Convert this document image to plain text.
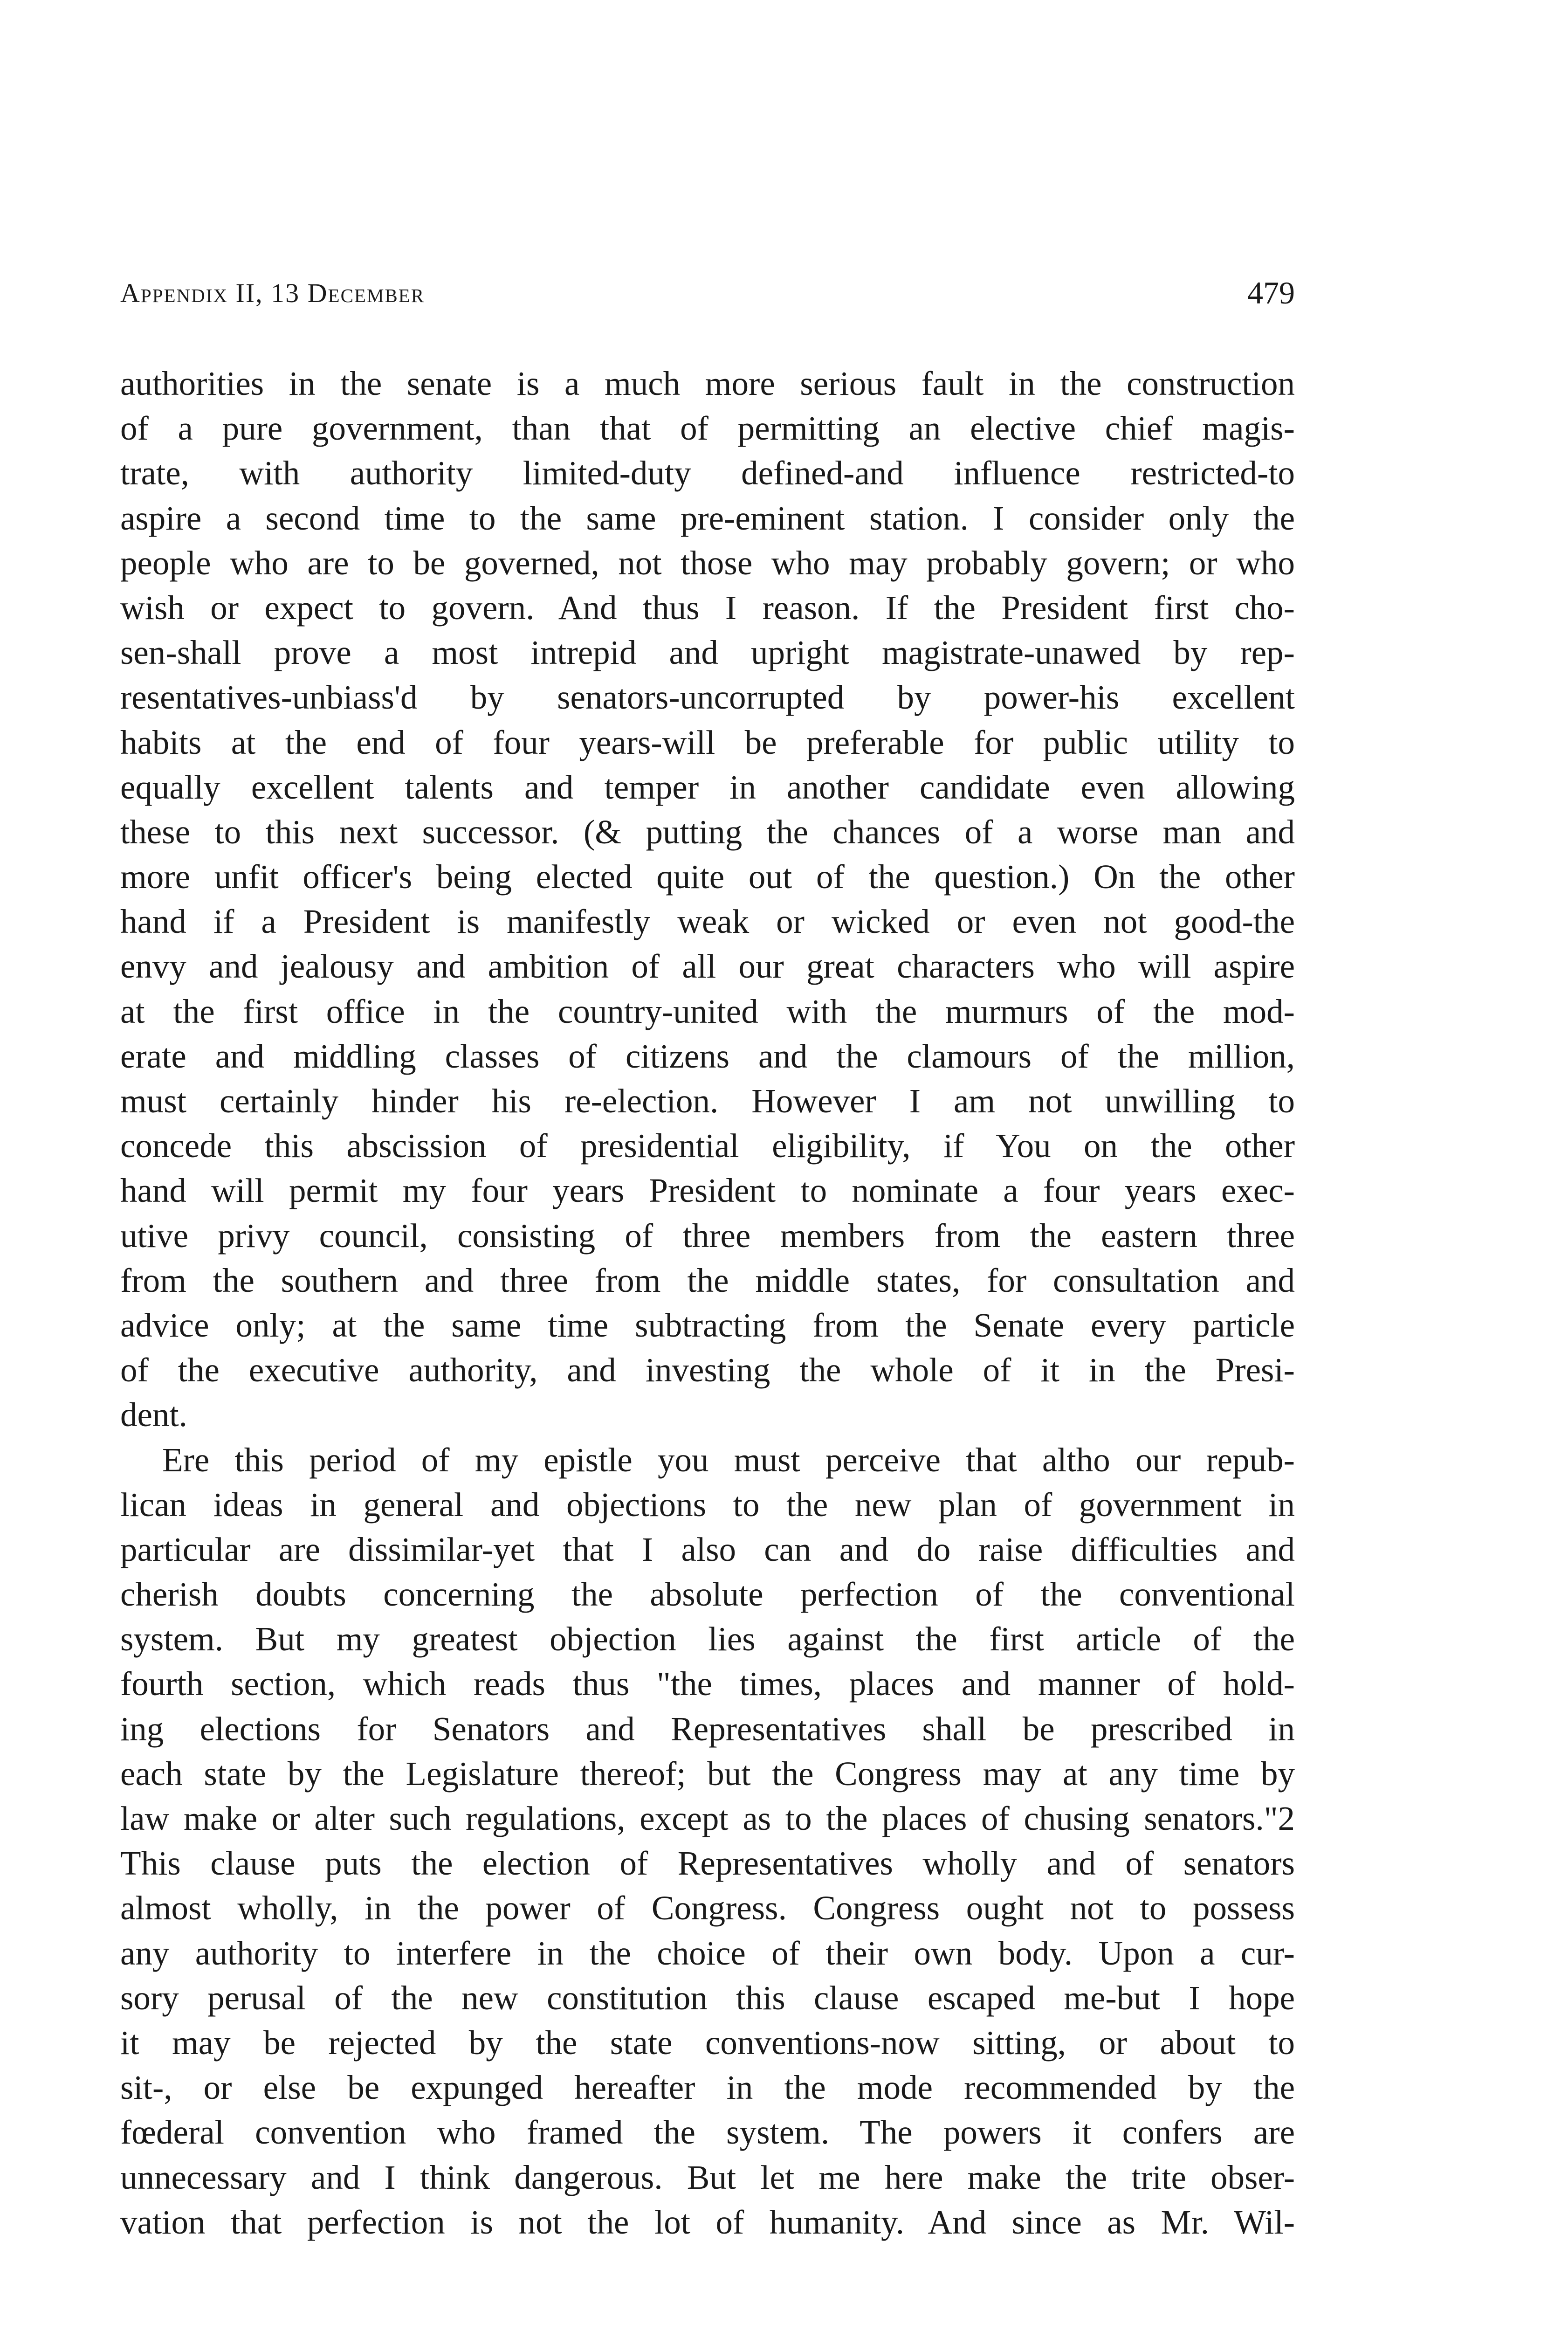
Appendix II, 13 December	479
authorities in the senate is a much more serious fault in the construction
of a pure government, than that of permitting an elective chief magis-
trate, with authority limited-duty defined-and influence restricted-to
aspire a second time to the same pre-eminent station. I consider only the
people who are to be governed, not those who may probably govern; or who
wish or expect to govern. And thus I reason. If the President first cho-
sen-shall prove a most intrepid and upright magistrate-unawed by rep-
resentatives-unbiass'd by senators-uncorrupted by power-his excellent
habits at the end of four years-will be preferable for public utility to
equally excellent talents and temper in another candidate even allowing
these to this next successor. (& putting the chances of a worse man and
more unfit officer's being elected quite out of the question.) On the other
hand if a President is manifestly weak or wicked or even not good-the
envy and jealousy and ambition of all our great characters who will aspire
at the first office in the country-united with the murmurs of the mod-
erate and middling classes of citizens and the clamours of the million,
must certainly hinder his re-election. However I am not unwilling to
concede this abscission of presidential eligibility, if You on the other
hand will permit my four years President to nominate a four years exec-
utive privy council, consisting of three members from the eastern three
from the southern and three from the middle states, for consultation and
advice only; at the same time subtracting from the Senate every particle
of the executive authority, and investing the whole of it in the Presi-
dent.
Ere this period of my epistle you must perceive that altho our repub-
lican ideas in general and objections to the new plan of government in
particular are dissimilar-yet that I also can and do raise difficulties and
cherish doubts concerning the absolute perfection of the conventional
system. But my greatest objection lies against the first article of the
fourth section, which reads thus "the times, places and manner of hold-
ing elections for Senators and Representatives shall be prescribed in
each state by the Legislature thereof; but the Congress may at any time by
law make or alter such regulations, except as to the places of chusing senators."2
This clause puts the election of Representatives wholly and of senators
almost wholly, in the power of Congress. Congress ought not to possess
any authority to interfere in the choice of their own body. Upon a cur-
sory perusal of the new constitution this clause escaped me-but I hope
it may be rejected by the state conventions-now sitting, or about to
sit-, or else be expunged hereafter in the mode recommended by the
fœderal convention who framed the system. The powers it confers are
unnecessary and I think dangerous. But let me here make the trite obser-
vation that perfection is not the lot of humanity. And since as Mr. Wil-
